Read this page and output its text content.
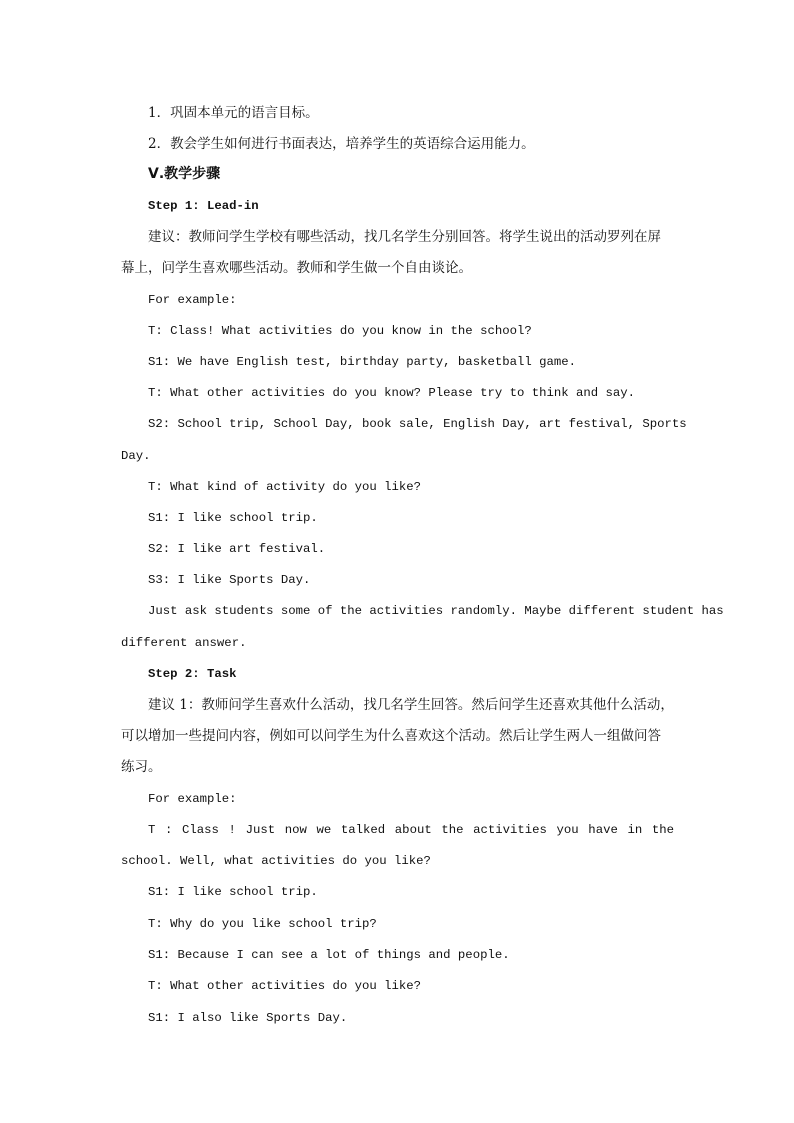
1．巩固本单元的语言目标。

2．教会学生如何进行书面表达，培养学生的英语综合运用能力。

Ⅴ.教学步骤

Step 1: Lead-in

建议：教师问学生学校有哪些活动，找几名学生分别回答。将学生说出的活动罗列在屏

幕上，问学生喜欢哪些活动。教师和学生做一个自由谈论。

For example:

T: Class! What activities do you know in the school?

S1: We have English test, birthday party, basketball game.

T: What other activities do you know? Please try to think and say.

S2: School trip, School Day, book sale, English Day, art festival, Sports

Day.

T: What kind of activity do you like?

S1: I like school trip.

S2: I like art festival.

S3: I like Sports Day.

Just ask students some of the activities randomly. Maybe different student has

different answer.

Step 2: Task

建议 1：教师问学生喜欢什么活动，找几名学生回答。然后问学生还喜欢其他什么活动，

可以增加一些提问内容，例如可以问学生为什么喜欢这个活动。然后让学生两人一组做问答

练习。

For example:

T : Class ! Just now we talked about the activities you have in the

school. Well, what activities do you like?

S1: I like school trip.

T: Why do you like school trip?

S1: Because I can see a lot of things and people.

T: What other activities do you like?

S1: I also like Sports Day.
